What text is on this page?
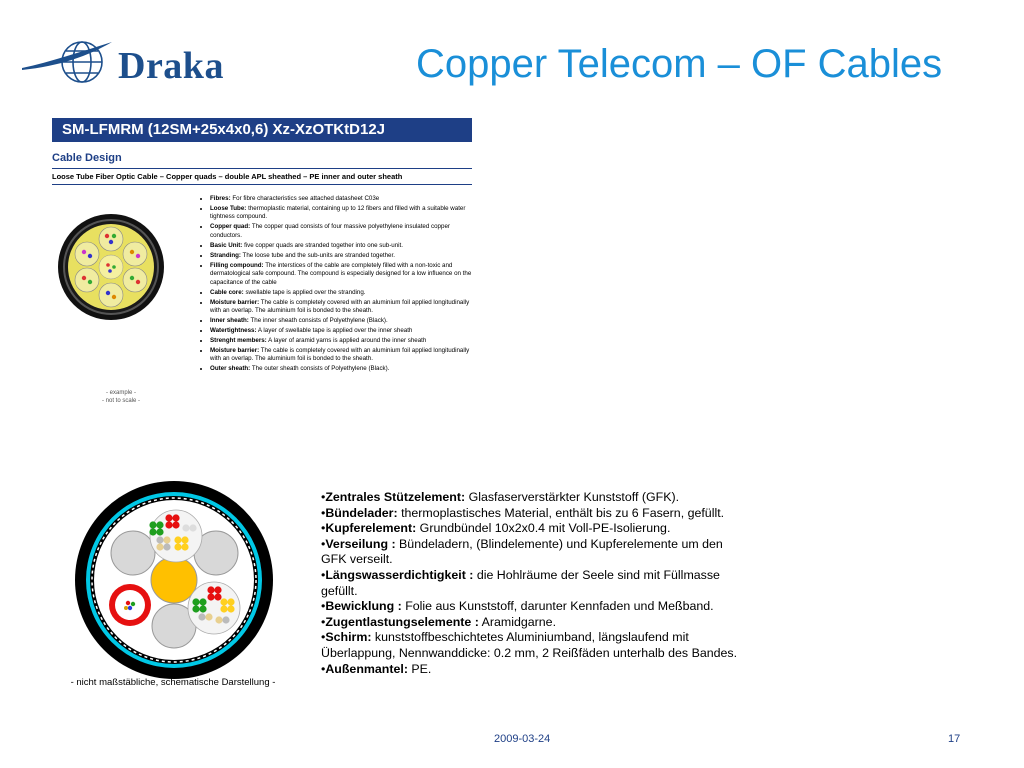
Draka	Copper Telecom – OF Cables
SM-LFMRM (12SM+25x4x0,6) Xz-XzOTKtD12J
Cable Design
Loose Tube Fiber Optic Cable – Copper quads – double APL sheathed – PE inner and outer sheath
• Fibres: For fibre characteristics see attached datasheet C03e
• Loose Tube: thermoplastic material, containing up to 12 fibers and filled with a suitable water tightness compound.
• Copper quad: The copper quad consists of four massive polyethylene insulated copper conductors.
• Basic Unit: five copper quads are stranded together into one sub-unit.
• Stranding: The loose tube and the sub-units are stranded together.
• Filling compound: The interstices of the cable are completely filled with a non-toxic and dermatological safe compound. The compound is especially designed for a low influence on the capacitance of the cable
• Cable core: swellable tape is applied over the stranding.
• Moisture barrier: The cable is completely covered with an aluminium foil applied longitudinally with an overlap. The aluminium foil is bonded to the sheath.
• Inner sheath: The inner sheath consists of Polyethylene (Black).
• Watertightness: A layer of swellable tape is applied over the inner sheath
• Strenght members: A layer of aramid yarns is applied around the inner sheath
• Moisture barrier: The cable is completely covered with an aluminium foil applied longitudinally with an overlap. The aluminium foil is bonded to the sheath.
• Outer sheath: The outer sheath consists of Polyethylene (Black).
- example -
- not to scale -

•Zentrales Stützelement: Glasfaserverstärkter Kunststoff (GFK).

•Bündelader: thermoplastisches Material, enthält bis zu 6 Fasern, gefüllt.

•Kupferelement: Grundbündel 10x2x0.4 mit Voll-PE-Isolierung.

•Verseilung : Bündeladern, (Blindelemente) und Kupferelemente um den GFK verseilt.

•Längswasserdichtigkeit : die Hohlräume der Seele sind mit Füllmasse gefüllt.

•Bewicklung : Folie aus Kunststoff, darunter Kennfaden und Meßband.

•Zugentlastungselemente : Aramidgarne.

•Schirm: kunststoffbeschichtetes Aluminiumband, längslaufend mit Überlappung, Nennwanddicke: 0.2 mm, 2 Reißfäden unterhalb des Bandes.

•Außenmantel: PE.

- nicht maßstäbliche, schematische Darstellung -
2009-03-24	17
